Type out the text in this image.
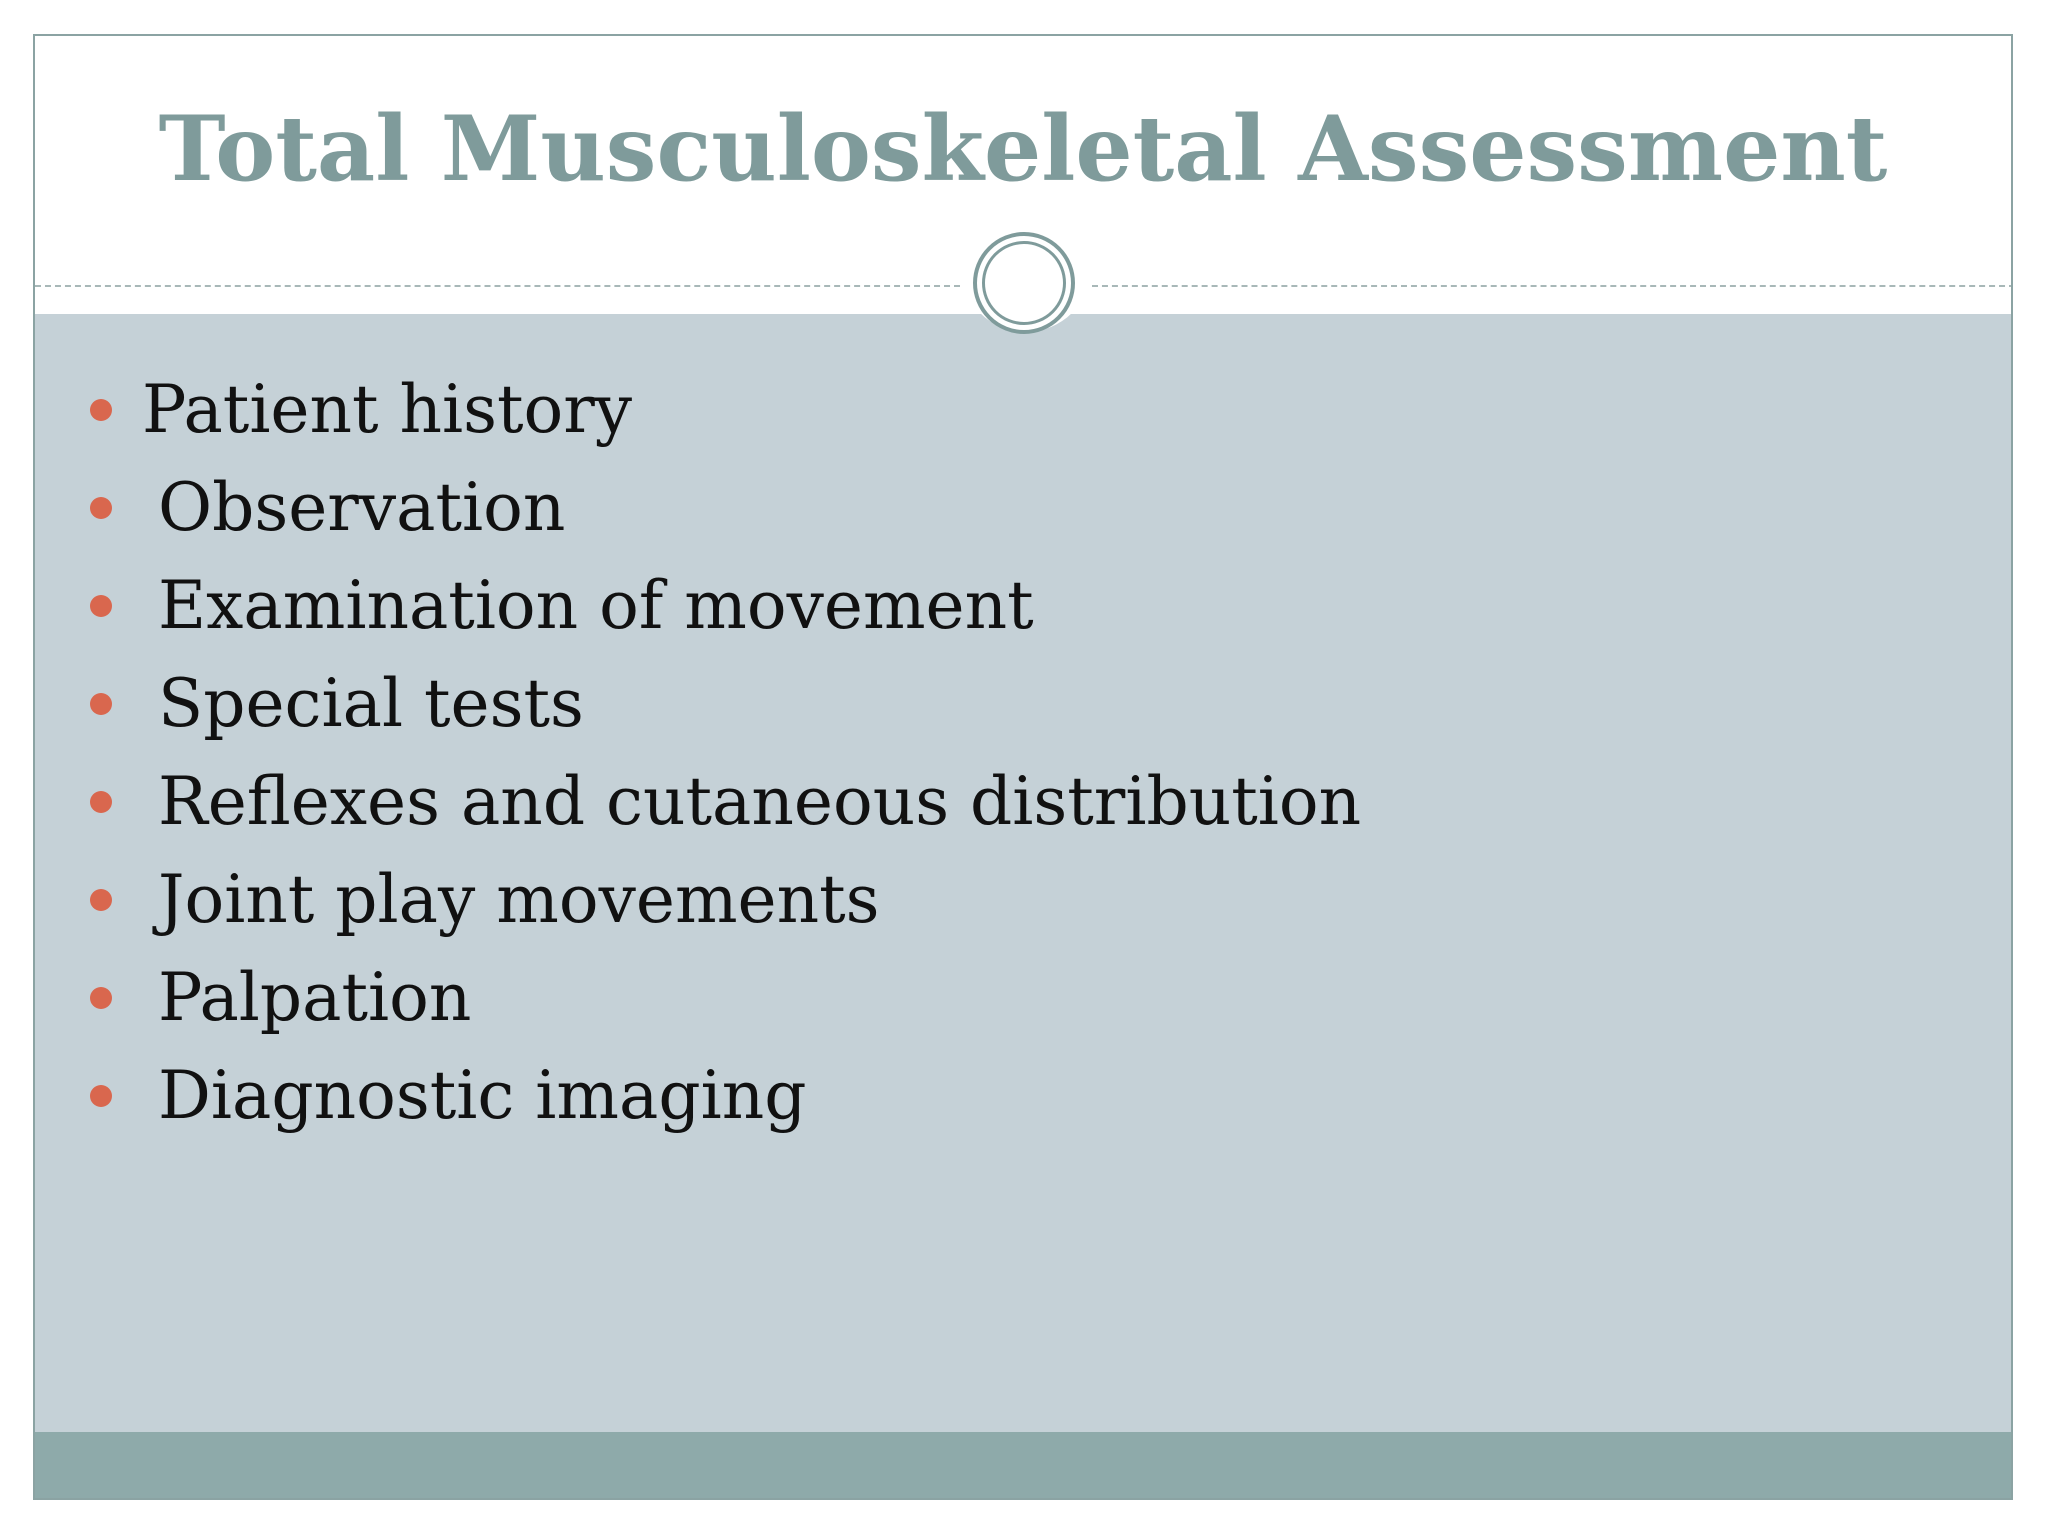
Total Musculoskeletal Assessment
Patient history
Observation
Examination of movement
Special tests
Reflexes and cutaneous distribution
Joint play movements
Palpation
Diagnostic imaging
